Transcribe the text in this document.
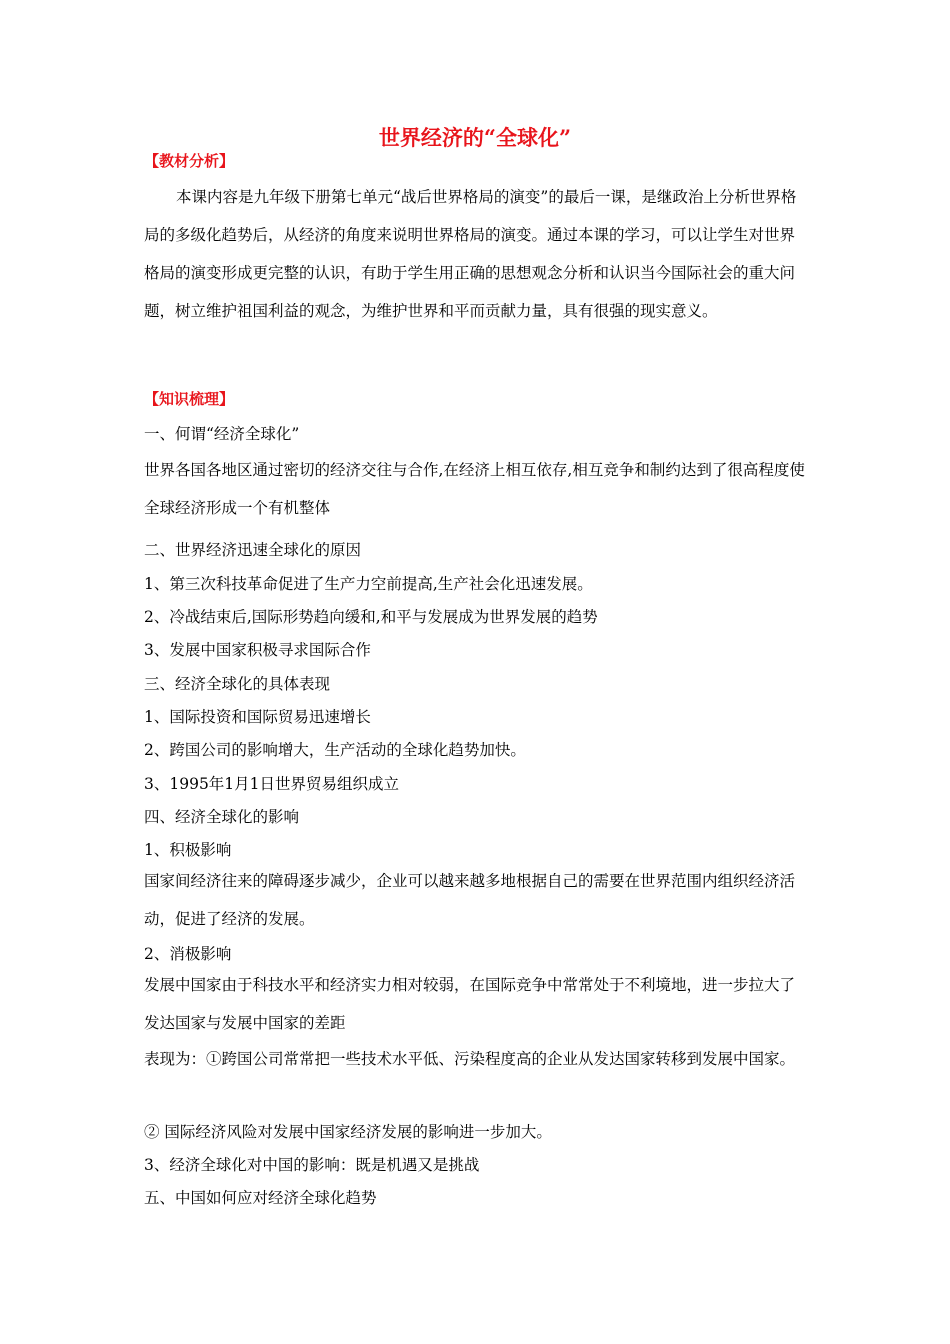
世界经济的“全球化”
【教材分析】
本课内容是九年级下册第七单元“战后世界格局的演变”的最后一课，是继政治上分析世界格局的多级化趋势后，从经济的角度来说明世界格局的演变。通过本课的学习，可以让学生对世界格局的演变形成更完整的认识，有助于学生用正确的思想观念分析和认识当今国际社会的重大问题，树立维护祖国利益的观念，为维护世界和平而贡献力量，具有很强的现实意义。
【知识梳理】
一、何谓“经济全球化”
世界各国各地区通过密切的经济交往与合作,在经济上相互依存,相互竞争和制约达到了很高程度使全球经济形成一个有机整体
二、世界经济迅速全球化的原因
1、第三次科技革命促进了生产力空前提高,生产社会化迅速发展。
2、冷战结束后,国际形势趋向缓和,和平与发展成为世界发展的趋势
3、发展中国家积极寻求国际合作
三、经济全球化的具体表现
1、国际投资和国际贸易迅速增长
2、跨国公司的影响增大，生产活动的全球化趋势加快。
3、1995年1月1日世界贸易组织成立
四、经济全球化的影响
1、积极影响
国家间经济往来的障碍逐步减少，企业可以越来越多地根据自己的需要在世界范围内组织经济活动，促进了经济的发展。
2、消极影响
发展中国家由于科技水平和经济实力相对较弱，在国际竞争中常常处于不利境地，进一步拉大了发达国家与发展中国家的差距
表现为：①跨国公司常常把一些技术水平低、污染程度高的企业从发达国家转移到发展中国家。
② 国际经济风险对发展中国家经济发展的影响进一步加大。
3、经济全球化对中国的影响：既是机遇又是挑战
五、中国如何应对经济全球化趋势
